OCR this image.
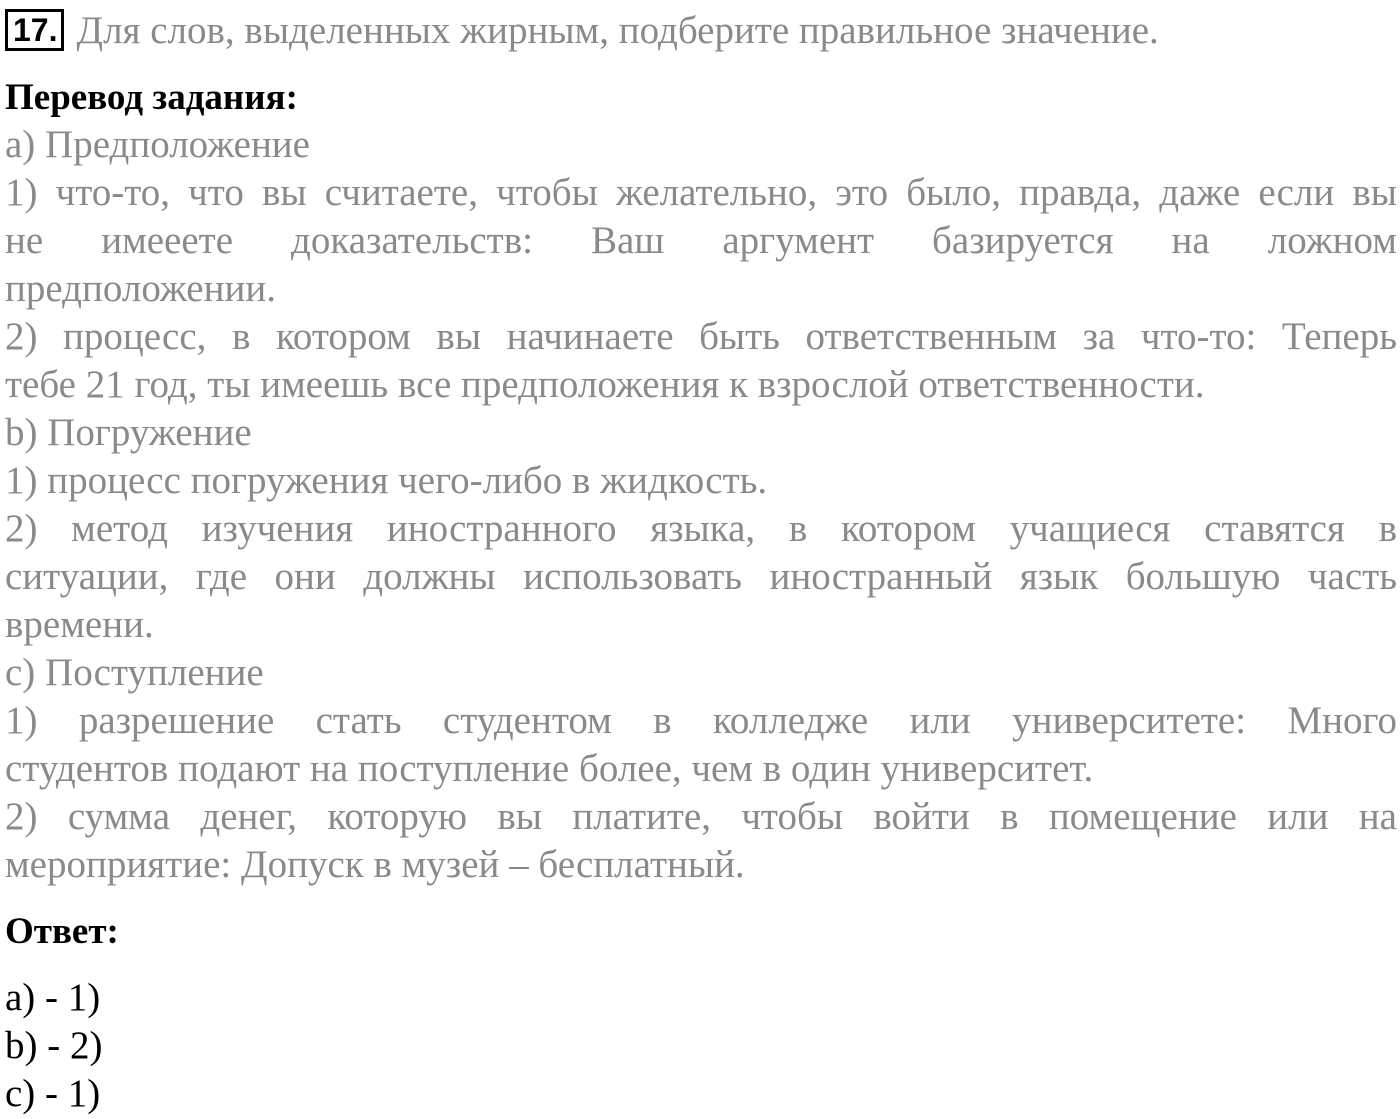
17. Для слов, выделенных жирным, подберите правильное значение.
Перевод задания:
a) Предположение
1) что-то, что вы считаете, чтобы желательно, это было, правда, даже если вы
не имееете доказательств: Ваш аргумент базируется на ложном
предположении.
2) процесс, в котором вы начинаете быть ответственным за что-то: Теперь
тебе 21 год, ты имеешь все предположения к взрослой ответственности.
b) Погружение
1) процесс погружения чего-либо в жидкость.
2) метод изучения иностранного языка, в котором учащиеся ставятся в
ситуации, где они должны использовать иностранный язык большую часть
времени.
c) Поступление
1) разрешение стать студентом в колледже или университете: Много
студентов подают на поступление более, чем в один университет.
2) сумма денег, которую вы платите, чтобы войти в помещение или на
мероприятие: Допуск в музей – бесплатный.
Ответ:
a) - 1)
b) - 2)
c) - 1)
